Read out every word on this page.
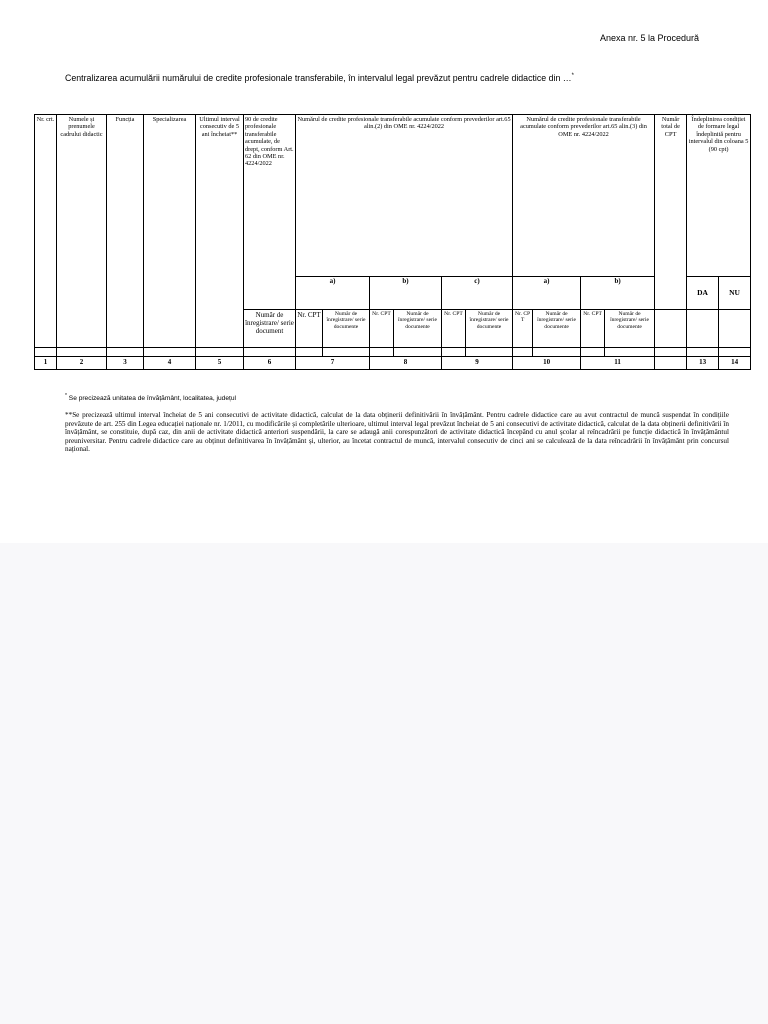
Anexa nr. 5 la Procedură
Centralizarea acumulării numărului de credite profesionale transferabile, în intervalul legal prevăzut pentru cadrele didactice din …*
Nr. crt.	Numele și prenumele cadrului didactic	Funcția	Specializarea	Ultimul interval consecutiv de 5 ani încheiat**	90 de credite profesionale transferabile acumulate, de drept, conform Art. 62 din OME nr. 4224/2022	Numărul de credite profesionale transferabile acumulate conform prevederilor art.65 alin.(2) din OME nr. 4224/2022						Numărul de credite profesionale transferabile acumulate conform prevederilor art.65 alin.(3) din OME nr. 4224/2022				Număr total de CPT	Îndeplinirea condiției de formare legal îndeplinită pentru intervalul din coloana 5 (90 cpt)	
						a)		b)		c)		a)		b)			DA	NU
					Număr de înregistrare/ serie document	Nr. CPT	Număr de înregistrare/ serie documente	Nr. CPT	Număr de înregistrare/ serie documente	Nr. CPT	Număr de înregistrare/ serie documente	Nr. CP T	Număr de înregistrare/ serie documente	Nr. CPT	Număr de înregistrare/ serie documente			

1	2	3	4	5	6	7		8		9		10		11			13	14
* Se precizează unitatea de învățământ, localitatea, județul
**Se precizează ultimul interval încheiat de 5 ani consecutivi de activitate didactică, calculat de la data obținerii definitivării în învățământ. Pentru cadrele didactice care au avut contractul de muncă suspendat în condițiile prevăzute de art. 255 din Legea educației naționale nr. 1/2011, cu modificările și completările ulterioare, ultimul interval legal prevăzut încheiat de 5 ani consecutivi de activitate didactică, calculat de la data obținerii definitivării în învățământ, se constituie, după caz, din anii de activitate didactică anteriori suspendării, la care se adaugă anii corespunzători de activitate didactică începând cu anul școlar al reîncadrării pe funcție didactică în învățământul preuniversitar. Pentru cadrele didactice care au obținut definitivarea în învățământ și, ulterior, au încetat contractul de muncă, intervalul consecutiv de cinci ani se calculează de la data reîncadrării în învățământ prin concursul național.
